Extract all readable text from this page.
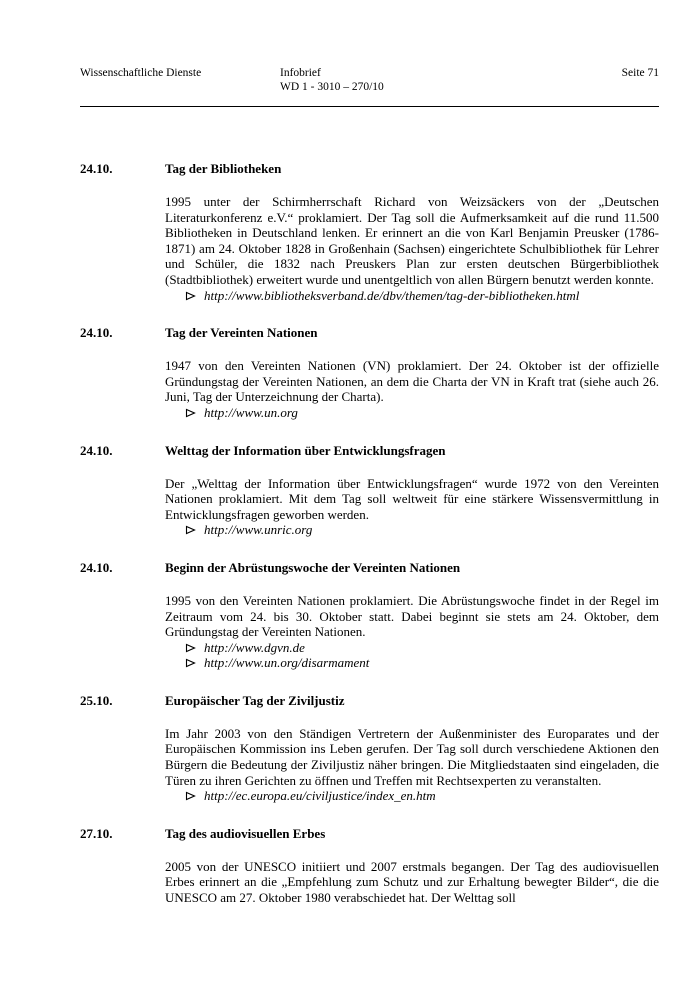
Wissenschaftliche Dienste	Infobrief
WD 1 - 3010 – 270/10
Seite 71
24.10.	Tag der Bibliotheken

1995 unter der Schirmherrschaft Richard von Weizsäckers von der „Deutschen Literaturkonferenz e.V.“ proklamiert. Der Tag soll die Aufmerksamkeit auf die rund 11.500 Bibliotheken in Deutschland lenken. Er erinnert an die von Karl Benjamin Preusker (1786-1871) am 24. Oktober 1828 in Großenhain (Sachsen) eingerichtete Schulbibliothek für Lehrer und Schüler, die 1832 nach Preuskers Plan zur ersten deutschen Bürgerbibliothek (Stadtbibliothek) erweitert wurde und unentgeltlich von allen Bürgern benutzt werden konnte.

http://www.bibliotheksverband.de/dbv/themen/tag-der-bibliotheken.html
24.10.	Tag der Vereinten Nationen

1947 von den Vereinten Nationen (VN) proklamiert. Der 24. Oktober ist der offizielle Gründungstag der Vereinten Nationen, an dem die Charta der VN in Kraft trat (siehe auch 26. Juni, Tag der Unterzeichnung der Charta).

http://www.un.org
24.10.	Welttag der Information über Entwicklungsfragen

Der „Welttag der Information über Entwicklungsfragen“ wurde 1972 von den Vereinten Nationen proklamiert. Mit dem Tag soll weltweit für eine stärkere Wissensvermittlung in Entwicklungsfragen geworben werden.

http://www.unric.org
24.10.	Beginn der Abrüstungswoche der Vereinten Nationen

1995 von den Vereinten Nationen proklamiert. Die Abrüstungswoche findet in der Regel im Zeitraum vom 24. bis 30. Oktober statt. Dabei beginnt sie stets am 24. Oktober, dem Gründungstag der Vereinten Nationen.

http://www.dgvn.de
http://www.un.org/disarmament
25.10.	Europäischer Tag der Ziviljustiz

Im Jahr 2003 von den Ständigen Vertretern der Außenminister des Europarates und der Europäischen Kommission ins Leben gerufen. Der Tag soll durch verschiedene Aktionen den Bürgern die Bedeutung der Ziviljustiz näher bringen. Die Mitgliedstaaten sind eingeladen, die Türen zu ihren Gerichten zu öffnen und Treffen mit Rechtsexperten zu veranstalten.

http://ec.europa.eu/civiljustice/index_en.htm
27.10.	Tag des audiovisuellen Erbes

2005 von der UNESCO initiiert und 2007 erstmals begangen. Der Tag des audiovisuellen Erbes erinnert an die „Empfehlung zum Schutz und zur Erhaltung bewegter Bilder“, die die UNESCO am 27. Oktober 1980 verabschiedet hat. Der Welttag soll
